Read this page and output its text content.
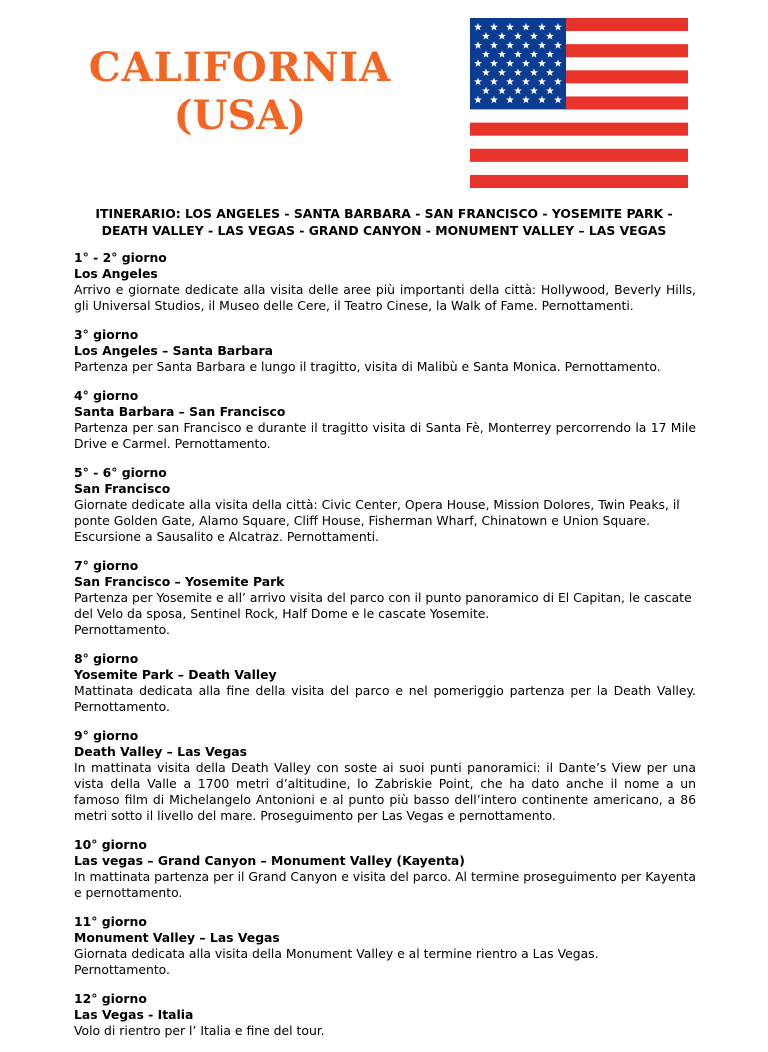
CALIFORNIA
(USA)

ITINERARIO: LOS ANGELES - SANTA BARBARA - SAN FRANCISCO - YOSEMITE PARK - DEATH VALLEY - LAS VEGAS - GRAND CANYON - MONUMENT VALLEY – LAS VEGAS

1° - 2° giorno

Los Angeles

Arrivo e giornate dedicate alla visita delle aree più importanti della città: Hollywood, Beverly Hills, gli Universal Studios, il Museo delle Cere, il Teatro Cinese, la Walk of Fame. Pernottamenti.

3° giorno

Los Angeles – Santa Barbara

Partenza per Santa Barbara e lungo il tragitto, visita di Malibù e Santa Monica. Pernottamento.

4° giorno

Santa Barbara – San Francisco

Partenza per san Francisco e durante il tragitto visita di Santa Fè, Monterrey percorrendo la 17 Mile Drive e Carmel. Pernottamento.

5° - 6° giorno

San Francisco

Giornate dedicate alla visita della città: Civic Center, Opera House, Mission Dolores, Twin Peaks, il ponte Golden Gate, Alamo Square, Cliff House, Fisherman Wharf, Chinatown e Union Square. Escursione a Sausalito e Alcatraz. Pernottamenti.

7° giorno

San Francisco – Yosemite Park

Partenza per Yosemite e all’ arrivo visita del parco con il punto panoramico di El Capitan, le cascate del Velo da sposa, Sentinel Rock, Half Dome e le cascate Yosemite.

Pernottamento.

8° giorno

Yosemite Park – Death Valley

Mattinata dedicata alla fine della visita del parco e nel pomeriggio partenza per la Death Valley. Pernottamento.

9° giorno

Death Valley – Las Vegas

In mattinata visita della Death Valley con soste ai suoi punti panoramici: il Dante’s View per una vista della Valle a 1700 metri d’altitudine, lo Zabriskie Point, che ha dato anche il nome a un famoso film di Michelangelo Antonioni e al punto più basso dell’intero continente americano, a 86 metri sotto il livello del mare. Proseguimento per Las Vegas e pernottamento.

10° giorno

Las vegas – Grand Canyon – Monument Valley (Kayenta)

In mattinata partenza per il Grand Canyon e visita del parco. Al termine proseguimento per Kayenta e pernottamento.

11° giorno

Monument Valley – Las Vegas

Giornata dedicata alla visita della Monument Valley e al termine rientro a Las Vegas. Pernottamento.

12° giorno

Las Vegas - Italia

Volo di rientro per l’ Italia e fine del tour.
